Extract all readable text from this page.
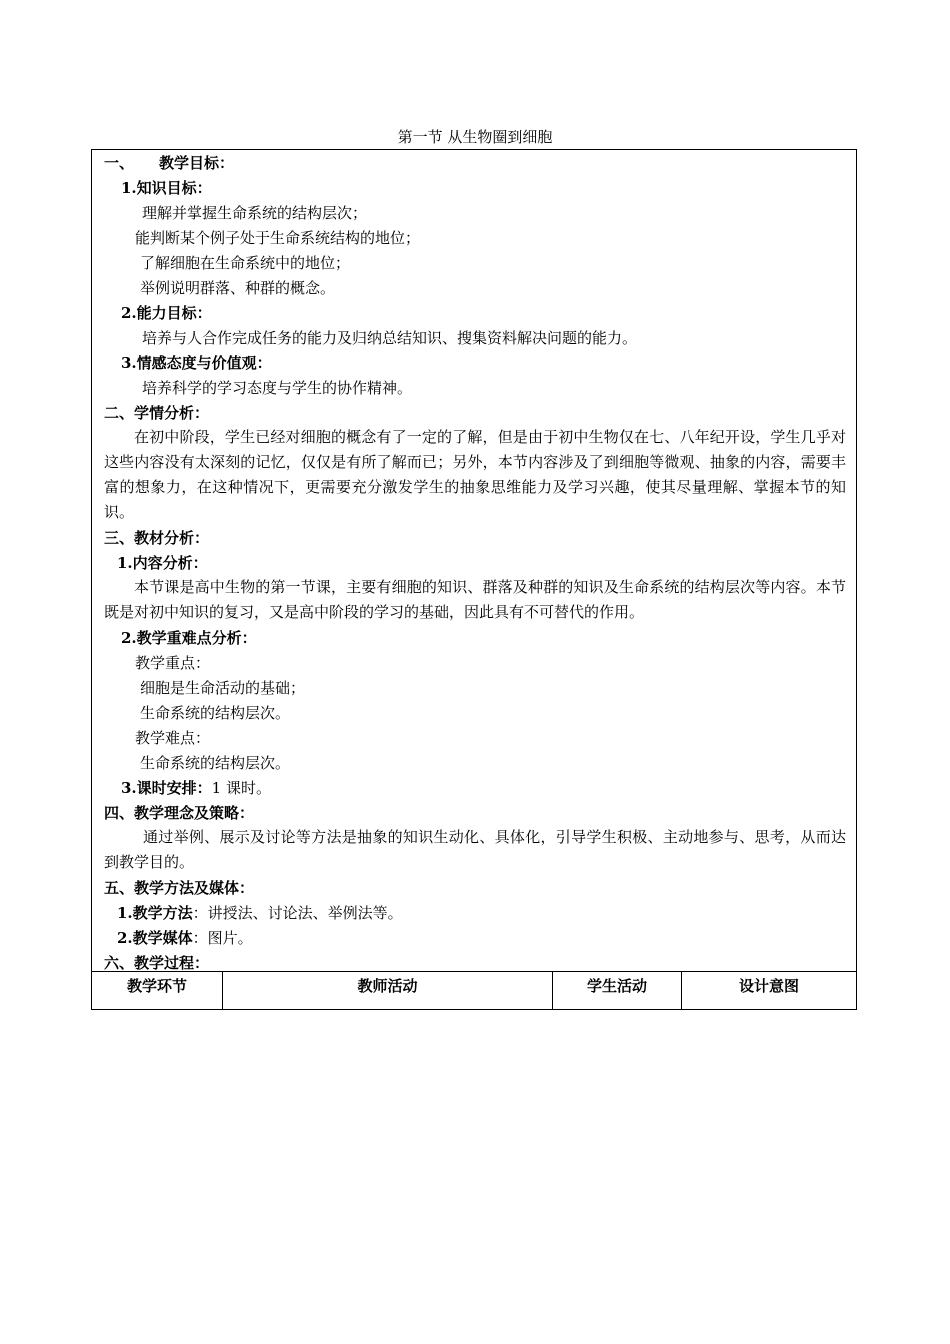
第一节 从生物圈到细胞
一、 教学目标：
1.知识目标：
理解并掌握生命系统的结构层次；
能判断某个例子处于生命系统结构的地位；
了解细胞在生命系统中的地位；
举例说明群落、种群的概念。
2.能力目标：
培养与人合作完成任务的能力及归纳总结知识、搜集资料解决问题的能力。
3.情感态度与价值观：
培养科学的学习态度与学生的协作精神。
二、学情分析：
在初中阶段，学生已经对细胞的概念有了一定的了解，但是由于初中生物仅在七、八年纪开设，学生几乎对这些内容没有太深刻的记忆，仅仅是有所了解而已；另外，本节内容涉及了到细胞等微观、抽象的内容，需要丰富的想象力，在这种情况下，更需要充分激发学生的抽象思维能力及学习兴趣，使其尽量理解、掌握本节的知识。
三、教材分析：
1.内容分析：
本节课是高中生物的第一节课，主要有细胞的知识、群落及种群的知识及生命系统的结构层次等内容。本节既是对初中知识的复习，又是高中阶段的学习的基础，因此具有不可替代的作用。
2.教学重难点分析：
教学重点：
细胞是生命活动的基础；
生命系统的结构层次。
教学难点：
生命系统的结构层次。
3.课时安排：1 课时。
四、教学理念及策略：
通过举例、展示及讨论等方法是抽象的知识生动化、具体化，引导学生积极、主动地参与、思考，从而达到教学目的。
五、教学方法及媒体：
1.教学方法：讲授法、讨论法、举例法等。
2.教学媒体：图片。
六、教学过程：
教学环节	教师活动	学生活动	设计意图
